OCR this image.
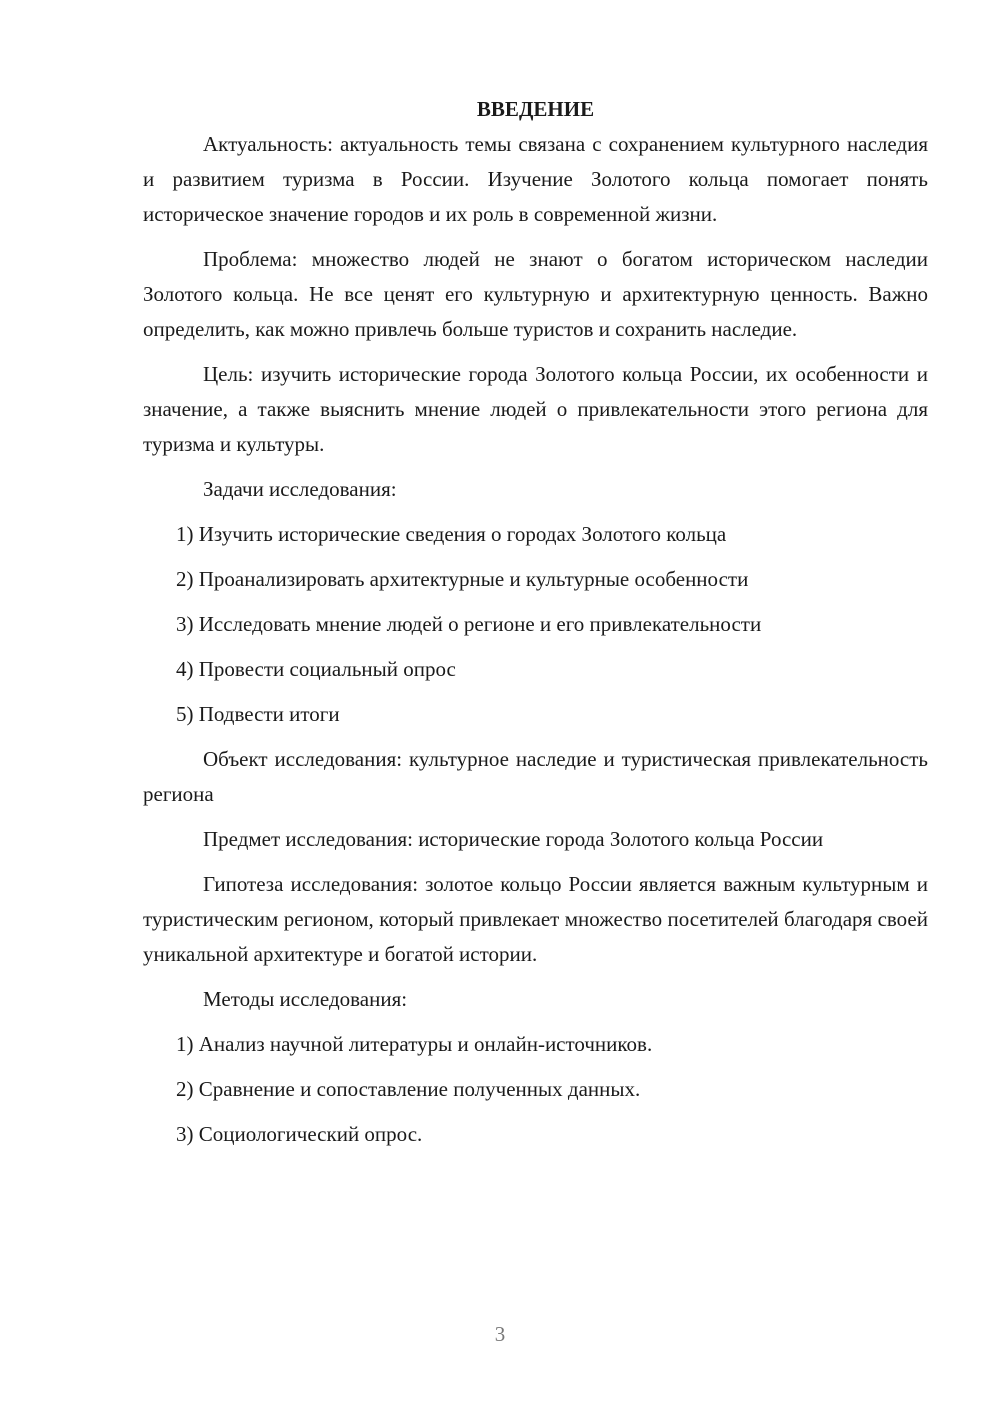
ВВЕДЕНИЕ

Актуальность: актуальность темы связана с сохранением культурного наследия и развитием туризма в России. Изучение Золотого кольца помогает понять историческое значение городов и их роль в современной жизни.

Проблема: множество людей не знают о богатом историческом наследии Золотого кольца. Не все ценят его культурную и архитектурную ценность. Важно определить, как можно привлечь больше туристов и сохранить наследие.

Цель: изучить исторические города Золотого кольца России, их особенности и значение, а также выяснить мнение людей о привлекательности этого региона для туризма и культуры.

Задачи исследования:

1) Изучить исторические сведения о городах Золотого кольца

2) Проанализировать архитектурные и культурные особенности

3) Исследовать мнение людей о регионе и его привлекательности

4) Провести социальный опрос

5) Подвести итоги

Объект исследования: культурное наследие и туристическая привлекательность региона

Предмет исследования: исторические города Золотого кольца России

Гипотеза исследования: золотое кольцо России является важным культурным и туристическим регионом, который привлекает множество посетителей благодаря своей уникальной архитектуре и богатой истории.

Методы исследования:

1) Анализ научной литературы и онлайн-источников.

2) Сравнение и сопоставление полученных данных.

3) Социологический опрос.

3
